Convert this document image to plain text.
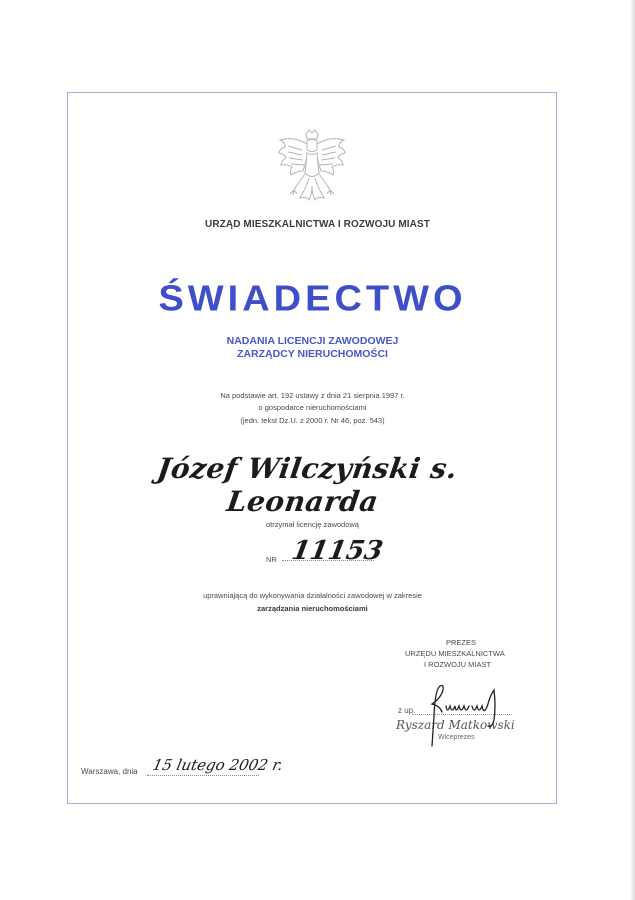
URZĄD MIESZKALNICTWA I ROZWOJU MIAST
ŚWIADECTWO
NADANIA LICENCJI ZAWODOWEJ
ZARZĄDCY NIERUCHOMOŚCI
Na podstawie art. 192 ustawy z dnia 21 sierpnia 1997 r.
o gospodarce nieruchomościami
(jedn. tekst Dz.U. z 2000 r. Nr 46, poz. 543)
Józef Wilczyński s. Leonarda
otrzymał licencję zawodową
NR 11153
uprawniającą do wykonywania działalności zawodowej w zakresie
zarządzania nieruchomościami
PREZES
URZĘDU MIESZKALNICTWA
I ROZWOJU MIAST
z up.
Ryszard Matkowski
Wiceprezes
Warszawa, dnia 15 lutego 2002 r.
